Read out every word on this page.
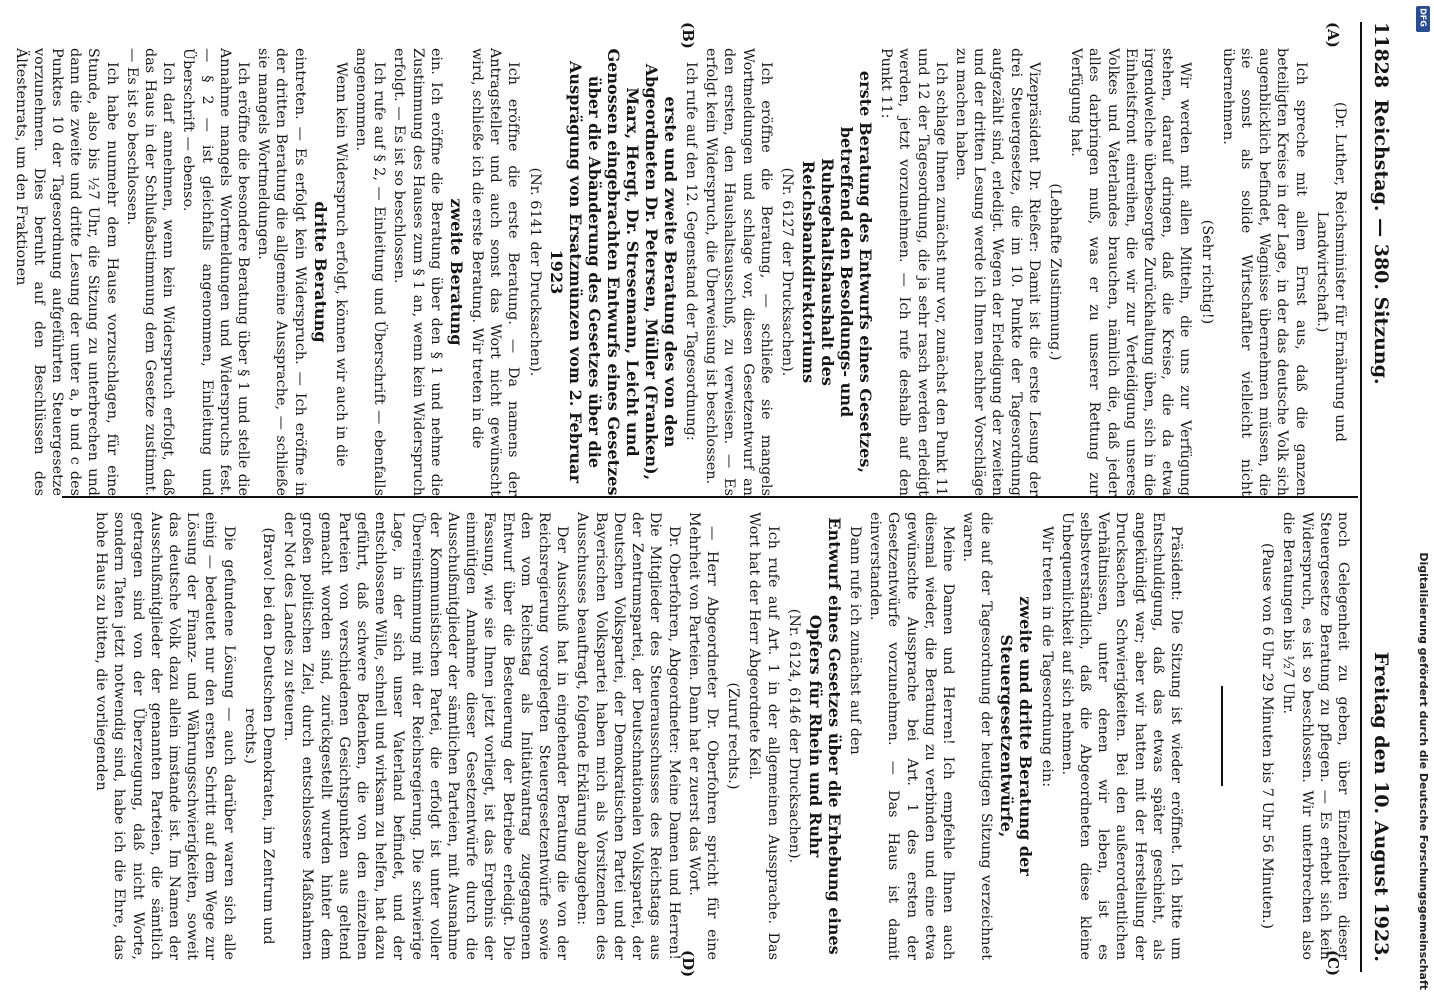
11828
Reichstag. — 380. Sitzung.
Freitag den 10. August 1923.
(A)
(B)
(C)
(D)

(Dr. Luther, Reichsminister für Ernährung und Landwirtschaft.)

Ich spreche mit allem Ernst aus, daß die ganzen beteiligten Kreise in der Lage, in der das deutsche Volk sich augenblicklich befindet, Wagnisse übernehmen müssen, die sie sonst als solide Wirtschaftler vielleicht nicht übernehmen.

(Sehr richtig!)

Wir werden mit allen Mitteln, die uns zur Verfügung stehen, darauf dringen, daß die Kreise, die da etwa irgendwelche überbesorgte Zurückhaltung üben, sich in die Einheitsfront einreihen, die wir zur Verteidigung unseres Volkes und Vaterlandes brauchen, nämlich die, daß jeder alles darbringen muß, was er zu unserer Rettung zur Verfügung hat.

(Lebhafte Zustimmung.)

Vizepräsident Dr. Rießer: Damit ist die erste Lesung der drei Steuergesetze, die im 10. Punkte der Tagesordnung aufgezählt sind, erledigt. Wegen der Erledigung der zweiten und der dritten Lesung werde ich Ihnen nachher Vorschläge zu machen haben.

Ich schlage Ihnen zunächst nur vor, zunächst den Punkt 11 und 12 der Tagesordnung, die ja sehr rasch werden erledigt werden, jetzt vorzunehmen. — Ich rufe deshalb auf den Punkt 11:

erste Beratung des Entwurfs eines Gesetzes, betreffend den Besoldungs- und Ruhegehaltshaushalt des Reichsbankdirektoriums

(Nr. 6127 der Drucksachen).

Ich eröffne die Beratung, — schließe sie mangels Wortmeldungen und schlage vor, diesen Gesetzentwurf an den ersten, den Haushaltsausschuß, zu verweisen. — Es erfolgt kein Widerspruch, die Überweisung ist beschlossen.

Ich rufe auf den 12. Gegenstand der Tagesordnung:

erste und zweite Beratung des von den Abgeordneten Dr. Petersen, Müller (Franken), Marx, Hergt, Dr. Stresemann, Leicht und Genossen eingebrachten Entwurfs eines Gesetzes über die Abänderung des Gesetzes über die Ausprägung von Ersatzmünzen vom 2. Februar 1923

(Nr. 6141 der Drucksachen).

Ich eröffne die erste Beratung. — Da namens der Antragsteller und auch sonst das Wort nicht gewünscht wird, schließe ich die erste Beratung. Wir treten in die

zweite Beratung

ein. Ich eröffne die Beratung über den § 1 und nehme die Zustimmung des Hauses zum § 1 an, wenn kein Widerspruch erfolgt. — Es ist so beschlossen.

Ich rufe auf § 2, — Einleitung und Überschrift — ebenfalls angenommen.

Wenn kein Widerspruch erfolgt, können wir auch in die

dritte Beratung

eintreten. — Es erfolgt kein Widerspruch. — Ich eröffne in der dritten Beratung die allgemeine Aussprache, — schließe sie mangels Wortmeldungen.

Ich eröffne die besondere Beratung über § 1 und stelle die Annahme mangels Wortmeldungen und Widerspruchs fest. — § 2 — ist gleichfalls angenommen, Einleitung und Überschrift — ebenso.

Ich darf annehmen, wenn kein Widerspruch erfolgt, daß das Haus in der Schlußabstimmung dem Gesetze zustimmt. — Es ist so beschlossen.

Ich habe nunmehr dem Hause vorzuschlagen, für eine Stunde, also bis ½7 Uhr, die Sitzung zu unterbrechen und dann die zweite und dritte Lesung der unter a, b und c des Punktes 10 der Tagesordnung aufgeführten Steuergesetze vorzunehmen. Dies beruht auf den Beschlüssen des Ältestenrats, um den Fraktionen

noch Gelegenheit zu geben, über Einzelheiten dieser Steuergesetze Beratung zu pflegen. — Es erhebt sich kein Widerspruch, es ist so beschlossen. Wir unterbrechen also die Beratungen bis ½7 Uhr.

(Pause von 6 Uhr 29 Minuten bis 7 Uhr 56 Minuten.)

Präsident: Die Sitzung ist wieder eröffnet. Ich bitte um Entschuldigung, daß das etwas später geschieht, als angekündigt war; aber wir hatten mit der Herstellung der Drucksachen Schwierigkeiten. Bei den außerordentlichen Verhältnissen, unter denen wir leben, ist es selbstverständlich, daß die Abgeordneten diese kleine Unbequemlichkeit auf sich nehmen.

Wir treten in die Tagesordnung ein:

zweite und dritte Beratung der Steuergesetzentwürfe,

die auf der Tagesordnung der heutigen Sitzung verzeichnet waren.

Meine Damen und Herren! Ich empfehle Ihnen auch diesmal wieder, die Beratung zu verbinden und eine etwa gewünschte Aussprache bei Art. 1 des ersten der Gesetzentwürfe vorzunehmen. — Das Haus ist damit einverstanden.

Dann rufe ich zunächst auf den

Entwurf eines Gesetzes über die Erhebung eines Opfers für Rhein und Ruhr

(Nr. 6124, 6146 der Drucksachen).

Ich rufe auf Art. 1 in der allgemeinen Aussprache. Das Wort hat der Herr Abgeordnete Keil.

(Zuruf rechts.)

— Herr Abgeordneter Dr. Oberfohren spricht für eine Mehrheit von Parteien. Dann hat er zuerst das Wort.

Dr. Oberfohren, Abgeordneter: Meine Damen und Herren! Die Mitglieder des Steuerausschusses des Reichstags aus der Zentrumspartei, der Deutschnationalen Volkspartei, der Deutschen Volkspartei, der Demokratischen Partei und der Bayerischen Volkspartei haben mich als Vorsitzenden des Ausschusses beauftragt, folgende Erklärung abzugeben:

Der Ausschuß hat in eingehender Beratung die von der Reichsregierung vorgelegten Steuergesetzentwürfe sowie den vom Reichstag als Initiativantrag zugegangenen Entwurf über die Besteuerung der Betriebe erledigt. Die Fassung, wie sie Ihnen jetzt vorliegt, ist das Ergebnis der einmütigen Annahme dieser Gesetzentwürfe durch die Ausschußmitglieder der sämtlichen Parteien, mit Ausnahme der Kommunistischen Partei, die erfolgt ist unter voller Übereinstimmung mit der Reichsregierung. Die schwierige Lage, in der sich unser Vaterland befindet, und der entschlossene Wille, schnell und wirksam zu helfen, hat dazu geführt, daß schwere Bedenken, die von den einzelnen Parteien von verschiedenen Gesichtspunkten aus geltend gemacht worden sind, zurückgestellt wurden hinter dem großen politischen Ziel, durch entschlossene Maßnahmen der Not des Landes zu steuern.

(Bravo! bei den Deutschen Demokraten, im Zentrum und rechts.)

Die gefundene Lösung — auch darüber waren sich alle einig — bedeutet nur den ersten Schritt auf dem Wege zur Lösung der Finanz- und Währungsschwierigkeiten, soweit das deutsche Volk dazu allein imstande ist. Im Namen der Ausschußmitglieder der genannten Parteien, die sämtlich getragen sind von der Überzeugung, daß nicht Worte, sondern Taten jetzt notwendig sind, habe ich die Ehre, das hohe Haus zu bitten, die vorliegenden	Digitalisierung gefördert durch die Deutsche Forschungsgemeinschaft
DFG
